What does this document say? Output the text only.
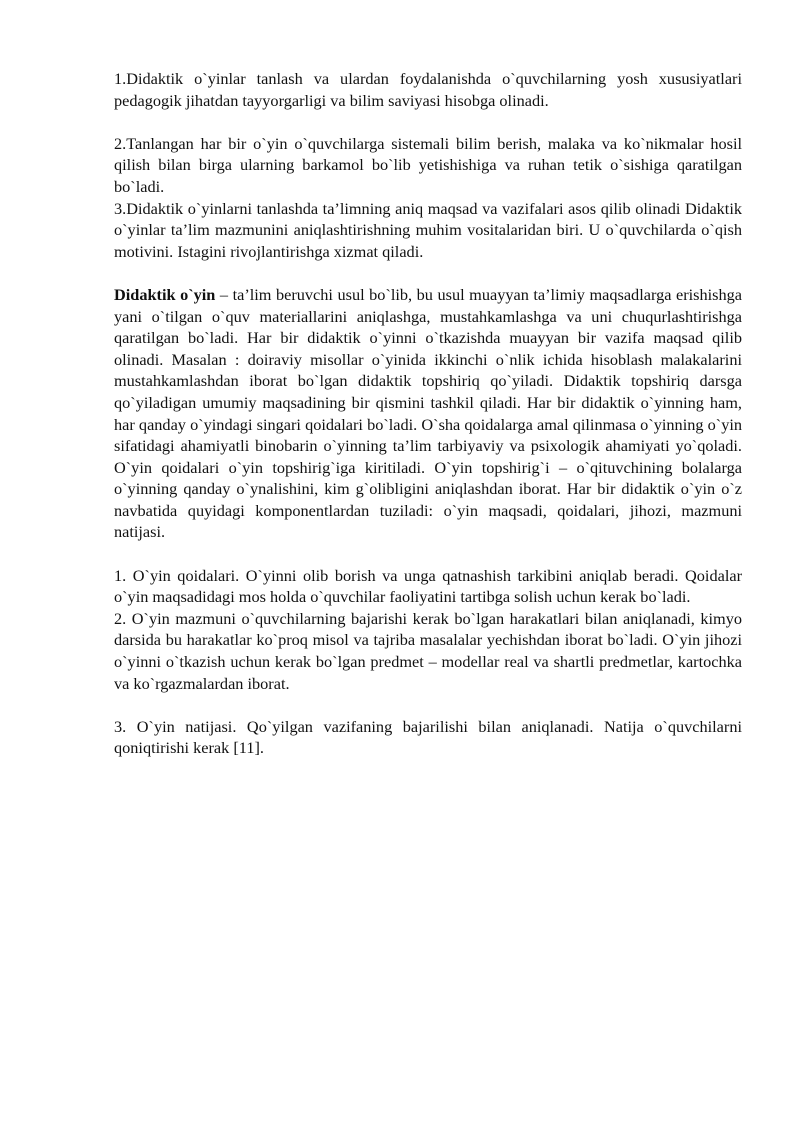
1.Didaktik o`yinlar tanlash va ulardan foydalanishda o`quvchilarning yosh xususiyatlari pedagogik jihatdan tayyorgarligi va bilim saviyasi hisobga olinadi.

2.Tanlangan har bir o`yin o`quvchilarga sistemali bilim berish, malaka va ko`nikmalar hosil qilish bilan birga ularning barkamol bo`lib yetishishiga va ruhan tetik o`sishiga qaratilgan bo`ladi.

3.Didaktik o`yinlarni tanlashda ta’limning aniq maqsad va vazifalari asos qilib olinadi Didaktik o`yinlar ta’lim mazmunini aniqlashtirishning muhim vositalaridan biri. U o`quvchilarda o`qish motivini. Istagini rivojlantirishga xizmat qiladi.

Didaktik o`yin – ta’lim beruvchi usul bo`lib, bu usul muayyan ta’limiy maqsadlarga erishishga yani o`tilgan o`quv materiallarini aniqlashga, mustahkamlashga va uni chuqurlashtirishga qaratilgan bo`ladi. Har bir didaktik o`yinni o`tkazishda muayyan bir vazifa maqsad qilib olinadi. Masalan : doiraviy misollar o`yinida ikkinchi o`nlik ichida hisoblash malakalarini mustahkamlashdan iborat bo`lgan didaktik topshiriq qo`yiladi. Didaktik topshiriq darsga qo`yiladigan umumiy maqsadining bir qismini tashkil qiladi. Har bir didaktik o`yinning ham, har qanday o`yindagi singari qoidalari bo`ladi. O`sha qoidalarga amal qilinmasa o`yinning o`yin sifatidagi ahamiyatli binobarin o`yinning ta’lim tarbiyaviy va psixologik ahamiyati yo`qoladi. O`yin qoidalari o`yin topshirig`iga kiritiladi. O`yin topshirig`i – o`qituvchining bolalarga o`yinning qanday o`ynalishini, kim g`olibligini aniqlashdan iborat. Har bir didaktik o`yin o`z navbatida quyidagi komponentlardan tuziladi: o`yin maqsadi, qoidalari, jihozi, mazmuni natijasi.

1. O`yin qoidalari. O`yinni olib borish va unga qatnashish tarkibini aniqlab beradi. Qoidalar o`yin maqsadidagi mos holda o`quvchilar faoliyatini tartibga solish uchun kerak bo`ladi.

2. O`yin mazmuni o`quvchilarning bajarishi kerak bo`lgan harakatlari bilan aniqlanadi, kimyo darsida bu harakatlar ko`proq misol va tajriba masalalar yechishdan iborat bo`ladi. O`yin jihozi o`yinni o`tkazish uchun kerak bo`lgan predmet – modellar real va shartli predmetlar, kartochka va ko`rgazmalardan iborat.

3. O`yin natijasi. Qo`yilgan vazifaning bajarilishi bilan aniqlanadi. Natija o`quvchilarni qoniqtirishi kerak [11].
